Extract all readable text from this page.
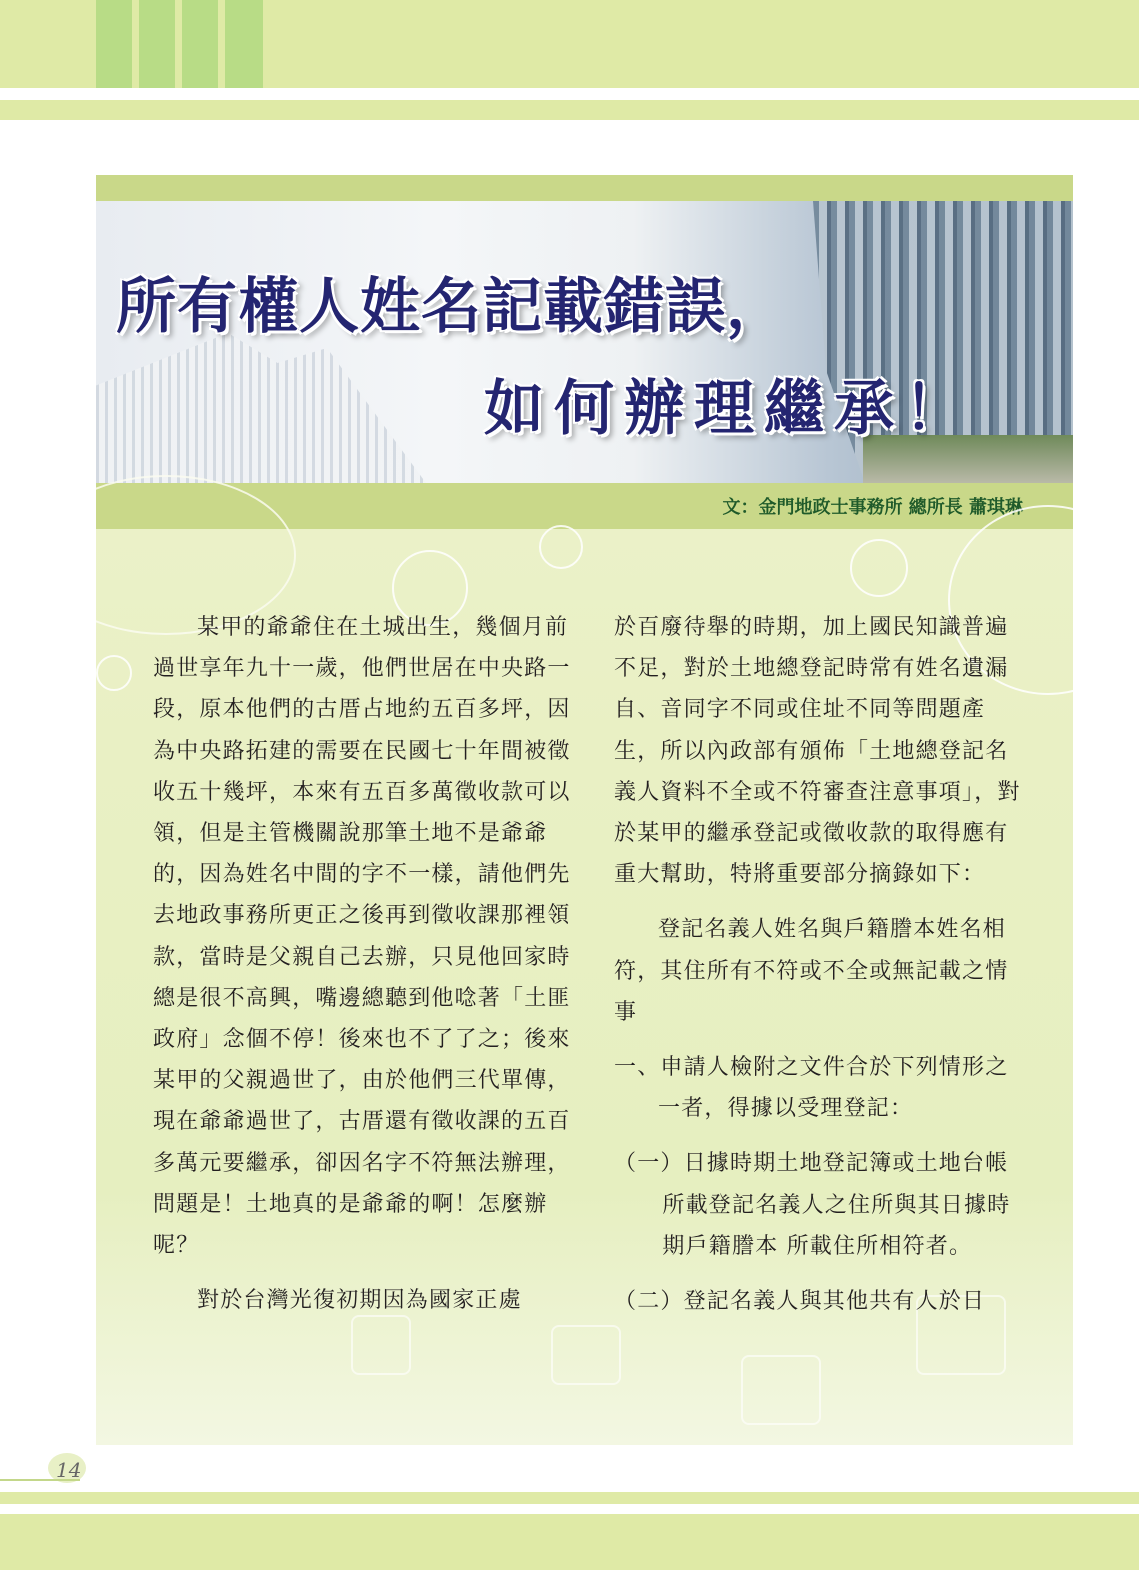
所有權人姓名記載錯誤，
如何辦理繼承！
文：金門地政士事務所 總所長 蕭琪琳

某甲的爺爺住在土城出生，幾個月前過世享年九十一歲，他們世居在中央路一段，原本他們的古厝占地約五百多坪，因為中央路拓建的需要在民國七十年間被徵收五十幾坪，本來有五百多萬徵收款可以領，但是主管機關說那筆土地不是爺爺的，因為姓名中間的字不一樣，請他們先去地政事務所更正之後再到徵收課那裡領款，當時是父親自己去辦，只見他回家時總是很不高興，嘴邊總聽到他唸著「土匪政府」念個不停！後來也不了了之；後來某甲的父親過世了，由於他們三代單傳，現在爺爺過世了，古厝還有徵收課的五百多萬元要繼承，卻因名字不符無法辦理，問題是！土地真的是爺爺的啊！怎麼辦呢？

對於台灣光復初期因為國家正處

於百廢待舉的時期，加上國民知識普遍不足，對於土地總登記時常有姓名遺漏自、音同字不同或住址不同等問題產生，所以內政部有頒佈「土地總登記名義人資料不全或不符審查注意事項」，對於某甲的繼承登記或徵收款的取得應有重大幫助，特將重要部分摘錄如下：

登記名義人姓名與戶籍謄本姓名相符，其住所有不符或不全或無記載之情事

一、申請人檢附之文件合於下列情形之一者，得據以受理登記：

（一）日據時期土地登記簿或土地台帳所載登記名義人之住所與其日據時期戶籍謄本 所載住所相符者。

（二）登記名義人與其他共有人於日

14
